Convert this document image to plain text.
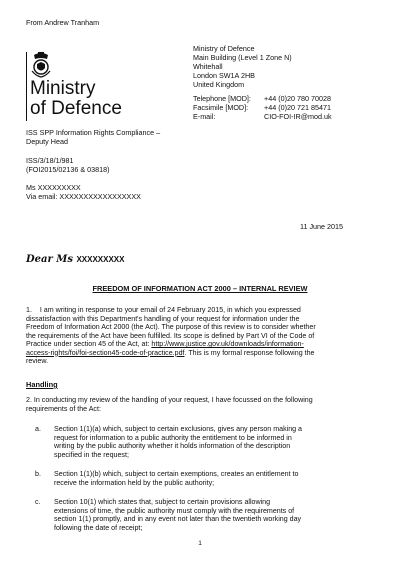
From Andrew Tranham
Ministry
of Defence
Ministry of Defence
Main Building (Level 1 Zone N)
Whitehall
London SW1A 2HB
United Kingdom
Telephone [MOD]: +44 (0)20 780 70028
Facsimile [MOD]: +44 (0)20 721 85471
E-mail:	CIO-FOI-IR@mod.uk
ISS SPP Information Rights Compliance –
Deputy Head
ISS/3/18/1/981
(FOI2015/02136 & 03818)
Ms XXXXXXXXX
Via email: XXXXXXXXXXXXXXXXX
11 June 2015
Dear Ms XXXXXXXXX
FREEDOM OF INFORMATION ACT 2000 – INTERNAL REVIEW
1. I am writing in response to your email of 24 February 2015, in which you expressed
dissatisfaction with this Department's handling of your request for information under the
Freedom of Information Act 2000 (the Act). The purpose of this review is to consider whether
the requirements of the Act have been fulfilled. Its scope is defined by Part VI of the Code of
Practice under section 45 of the Act, at: http://www.justice.gov.uk/downloads/information-
access-rights/foi/foi-section45-code-of-practice.pdf. This is my formal response following the
review.
Handling
2. In conducting my review of the handling of your request, I have focussed on the following
requirements of the Act:
a. Section 1(1)(a) which, subject to certain exclusions, gives any person making a
request for information to a public authority the entitlement to be informed in
writing by the public authority whether it holds information of the description
specified in the request;
b. Section 1(1)(b) which, subject to certain exemptions, creates an entitlement to
receive the information held by the public authority;
c. Section 10(1) which states that, subject to certain provisions allowing
extensions of time, the public authority must comply with the requirements of
section 1(1) promptly, and in any event not later than the twentieth working day
following the date of receipt;
1
